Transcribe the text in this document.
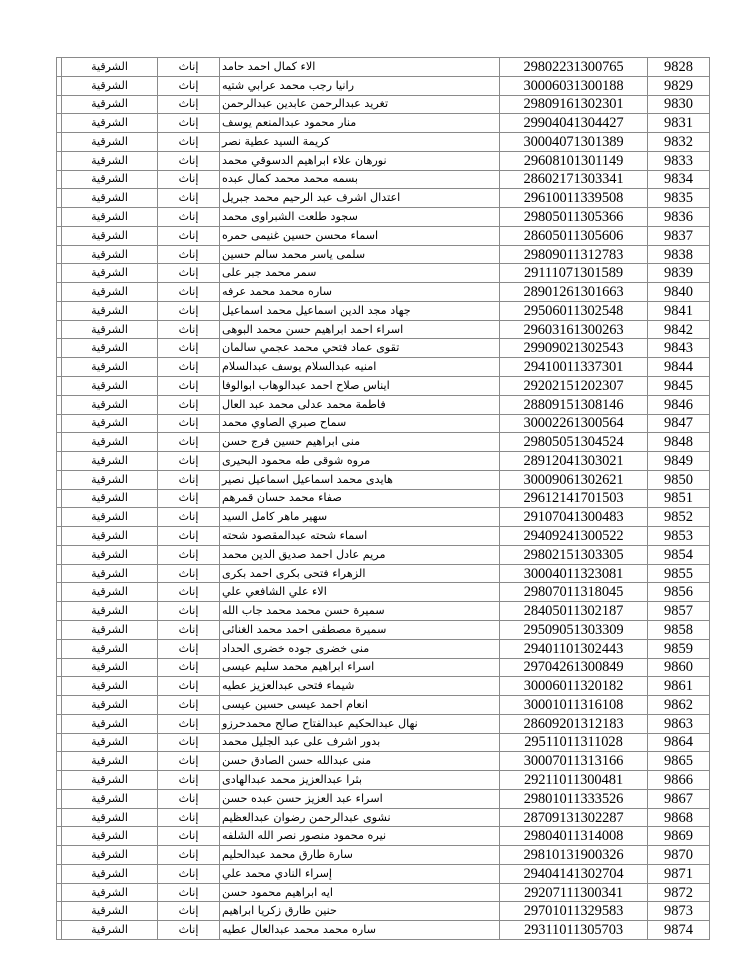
9828	29802231300765	الاء كمال احمد حامد	إناث	الشرقية	
9829	30006031300188	رانيا رجب محمد عرابي شتيه	إناث	الشرقية	
9830	29809161302301	تغريد عبدالرحمن عابدين عبدالرحمن	إناث	الشرقية	
9831	29904041304427	منار محمود عبدالمنعم يوسف	إناث	الشرقية	
9832	30004071301389	كريمة السيد عطية نصر	إناث	الشرقية	
9833	29608101301149	نورهان علاء ابراهيم الدسوقي محمد	إناث	الشرقية	
9834	28602171303341	بسمه محمد محمد كمال عبده	إناث	الشرقية	
9835	29610011339508	اعتدال اشرف عبد الرحيم محمد جبريل	إناث	الشرقية	
9836	29805011305366	سجود طلعت الشبراوى محمد	إناث	الشرقية	
9837	28605011305606	اسماء محسن حسين غنيمى حمره	إناث	الشرقية	
9838	29809011312783	سلمى ياسر محمد سالم حسين	إناث	الشرقية	
9839	29111071301589	سمر محمد جبر على	إناث	الشرقية	
9840	28901261301663	ساره محمد محمد عرفه	إناث	الشرقية	
9841	29506011302548	جهاد مجد الدين اسماعيل محمد اسماعيل	إناث	الشرقية	
9842	29603161300263	اسراء احمد ابراهيم حسن محمد البوهى	إناث	الشرقية	
9843	29909021302543	تقوى عماد فتحي محمد عجمي سالمان	إناث	الشرقية	
9844	29410011337301	امنيه عبدالسلام يوسف عبدالسلام	إناث	الشرقية	
9845	29202151202307	ايناس صلاح احمد عبدالوهاب ابوالوفا	إناث	الشرقية	
9846	28809151308146	فاطمة محمد عدلى محمد عبد العال	إناث	الشرقية	
9847	30002261300564	سماح صبري الصاوي محمد	إناث	الشرقية	
9848	29805051304524	منى ابراهيم حسين فرج حسن	إناث	الشرقية	
9849	28912041303021	مروه شوقى طه محمود البحيرى	إناث	الشرقية	
9850	30009061302621	هايدى محمد اسماعيل اسماعيل نصير	إناث	الشرقية	
9851	29612141701503	صفاء محمد حسان قمرهم	إناث	الشرقية	
9852	29107041300483	سهير ماهر كامل السيد	إناث	الشرقية	
9853	29409241300522	اسماء شحته عبدالمقصود شحته	إناث	الشرقية	
9854	29802151303305	مريم عادل احمد صديق الدين محمد	إناث	الشرقية	
9855	30004011323081	الزهراء فتحى بكرى احمد بكرى	إناث	الشرقية	
9856	29807011318045	الاء علي الشافعي علي	إناث	الشرقية	
9857	28405011302187	سميرة حسن محمد محمد جاب الله	إناث	الشرقية	
9858	29509051303309	سميرة مصطفى احمد محمد الغنائى	إناث	الشرقية	
9859	29401101302443	منى خضرى جوده خضرى الحداد	إناث	الشرقية	
9860	29704261300849	اسراء ابراهيم محمد سليم عيسى	إناث	الشرقية	
9861	30006011320182	شيماء فتحى عبدالعزيز عطيه	إناث	الشرقية	
9862	30001011316108	انعام احمد عيسى حسين عيسى	إناث	الشرقية	
9863	28609201312183	نهال عبدالحكيم عبدالفتاح صالح محمدحرزو	إناث	الشرقية	
9864	29511011311028	بدور اشرف على عبد الجليل محمد	إناث	الشرقية	
9865	30007011313166	منى عبدالله حسن الصادق حسن	إناث	الشرقية	
9866	29211011300481	بثرا عبدالعزيز محمد عبدالهادى	إناث	الشرقية	
9867	29801011333526	اسراء عبد العزيز حسن عبده حسن	إناث	الشرقية	
9868	28709131302287	نشوى عبدالرحمن رضوان عبدالعظيم	إناث	الشرقية	
9869	29804011314008	نيره محمود منصور نصر الله الشلفه	إناث	الشرقية	
9870	29810131900326	سارة طارق محمد عبدالحليم	إناث	الشرقية	
9871	29404141302704	إسراء النادي محمد علي	إناث	الشرقية	
9872	29207111300341	ايه ابراهيم محمود حسن	إناث	الشرقية	
9873	29701011329583	حنين طارق زكريا ابراهيم	إناث	الشرقية	
9874	29311011305703	ساره محمد محمد عبدالعال عطيه	إناث	الشرقية	
